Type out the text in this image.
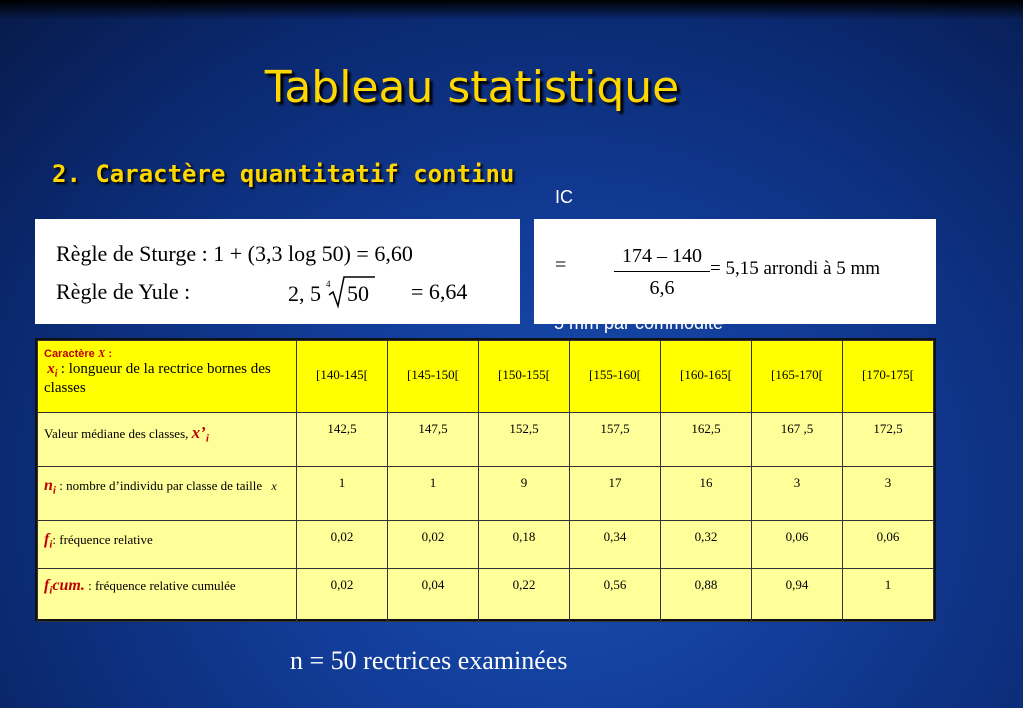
Tableau statistique
2. Caractère quantitatif continu
IC
Règle de Sturge : 1 + (3,3 log 50) = 6,60
Règle de Yule :	2, 5 4 50 = 6,64
=	174 – 140
6,6
= 5,15 arrondi à 5 mm
Caractère X :
$x_i$ : longueur de la rectrice bornes des classes	[140-145[	[145-150[	[150-155[	[155-160[	[160-165[	[165-170[	[170-175[
Valeur médiane des classes, $x’_i$	142,5	147,5	152,5	157,5	162,5	167 ,5	172,5
$n_i$ : nombre d’individu par classe de taille x	1	1	9	17	16	3	3
$f_i$: fréquence relative	0,02	0,02	0,18	0,34	0,32	0,06	0,06
$f_icum$. : fréquence relative cumulée	0,02	0,04	0,22	0,56	0,88	0,94	1
n = 50 rectrices examinées
